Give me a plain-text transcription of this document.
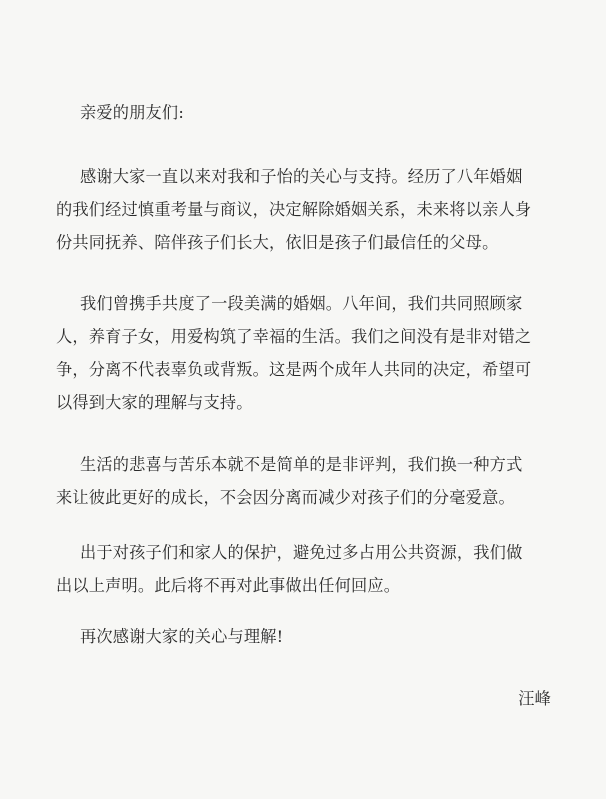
亲爱的朋友们:
感谢大家一直以来对我和子怡的关心与支持。经历了八年婚姻
的我们经过慎重考量与商议，决定解除婚姻关系，未来将以亲人身
份共同抚养、陪伴孩子们长大，依旧是孩子们最信任的父母。
我们曾携手共度了一段美满的婚姻。八年间，我们共同照顾家
人，养育子女，用爱构筑了幸福的生活。我们之间没有是非对错之
争，分离不代表辜负或背叛。这是两个成年人共同的决定，希望可
以得到大家的理解与支持。
生活的悲喜与苦乐本就不是简单的是非评判，我们换一种方式
来让彼此更好的成长，不会因分离而减少对孩子们的分毫爱意。
出于对孩子们和家人的保护，避免过多占用公共资源，我们做
出以上声明。此后将不再对此事做出任何回应。
再次感谢大家的关心与理解!
汪峰
